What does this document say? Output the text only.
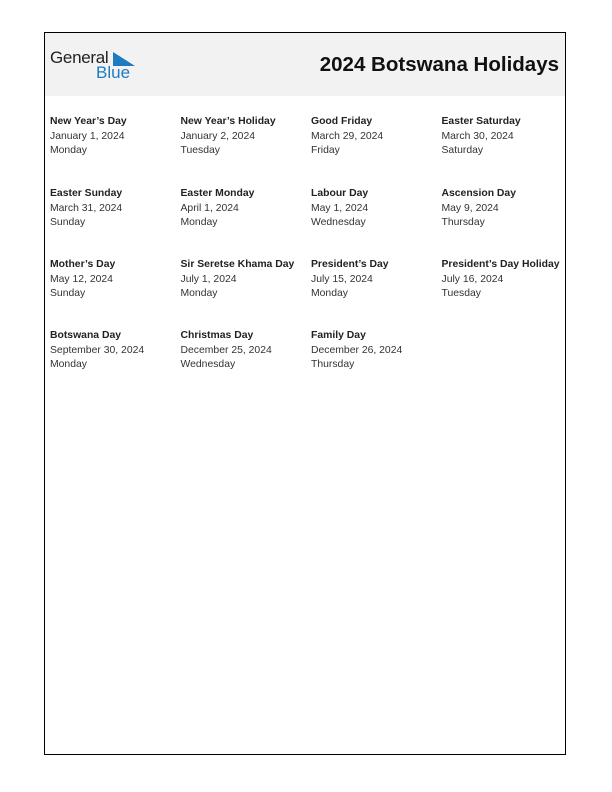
General
Blue	2024 Botswana Holidays
New Year’s Day
January 1, 2024
Monday
New Year’s Holiday
January 2, 2024
Tuesday
Good Friday
March 29, 2024
Friday
Easter Saturday
March 30, 2024
Saturday
Easter Sunday
March 31, 2024
Sunday
Easter Monday
April 1, 2024
Monday
Labour Day
May 1, 2024
Wednesday
Ascension Day
May 9, 2024
Thursday
Mother’s Day
May 12, 2024
Sunday
Sir Seretse Khama Day
July 1, 2024
Monday
President’s Day
July 15, 2024
Monday
President’s Day Holiday
July 16, 2024
Tuesday
Botswana Day
September 30, 2024
Monday
Christmas Day
December 25, 2024
Wednesday
Family Day
December 26, 2024
Thursday
